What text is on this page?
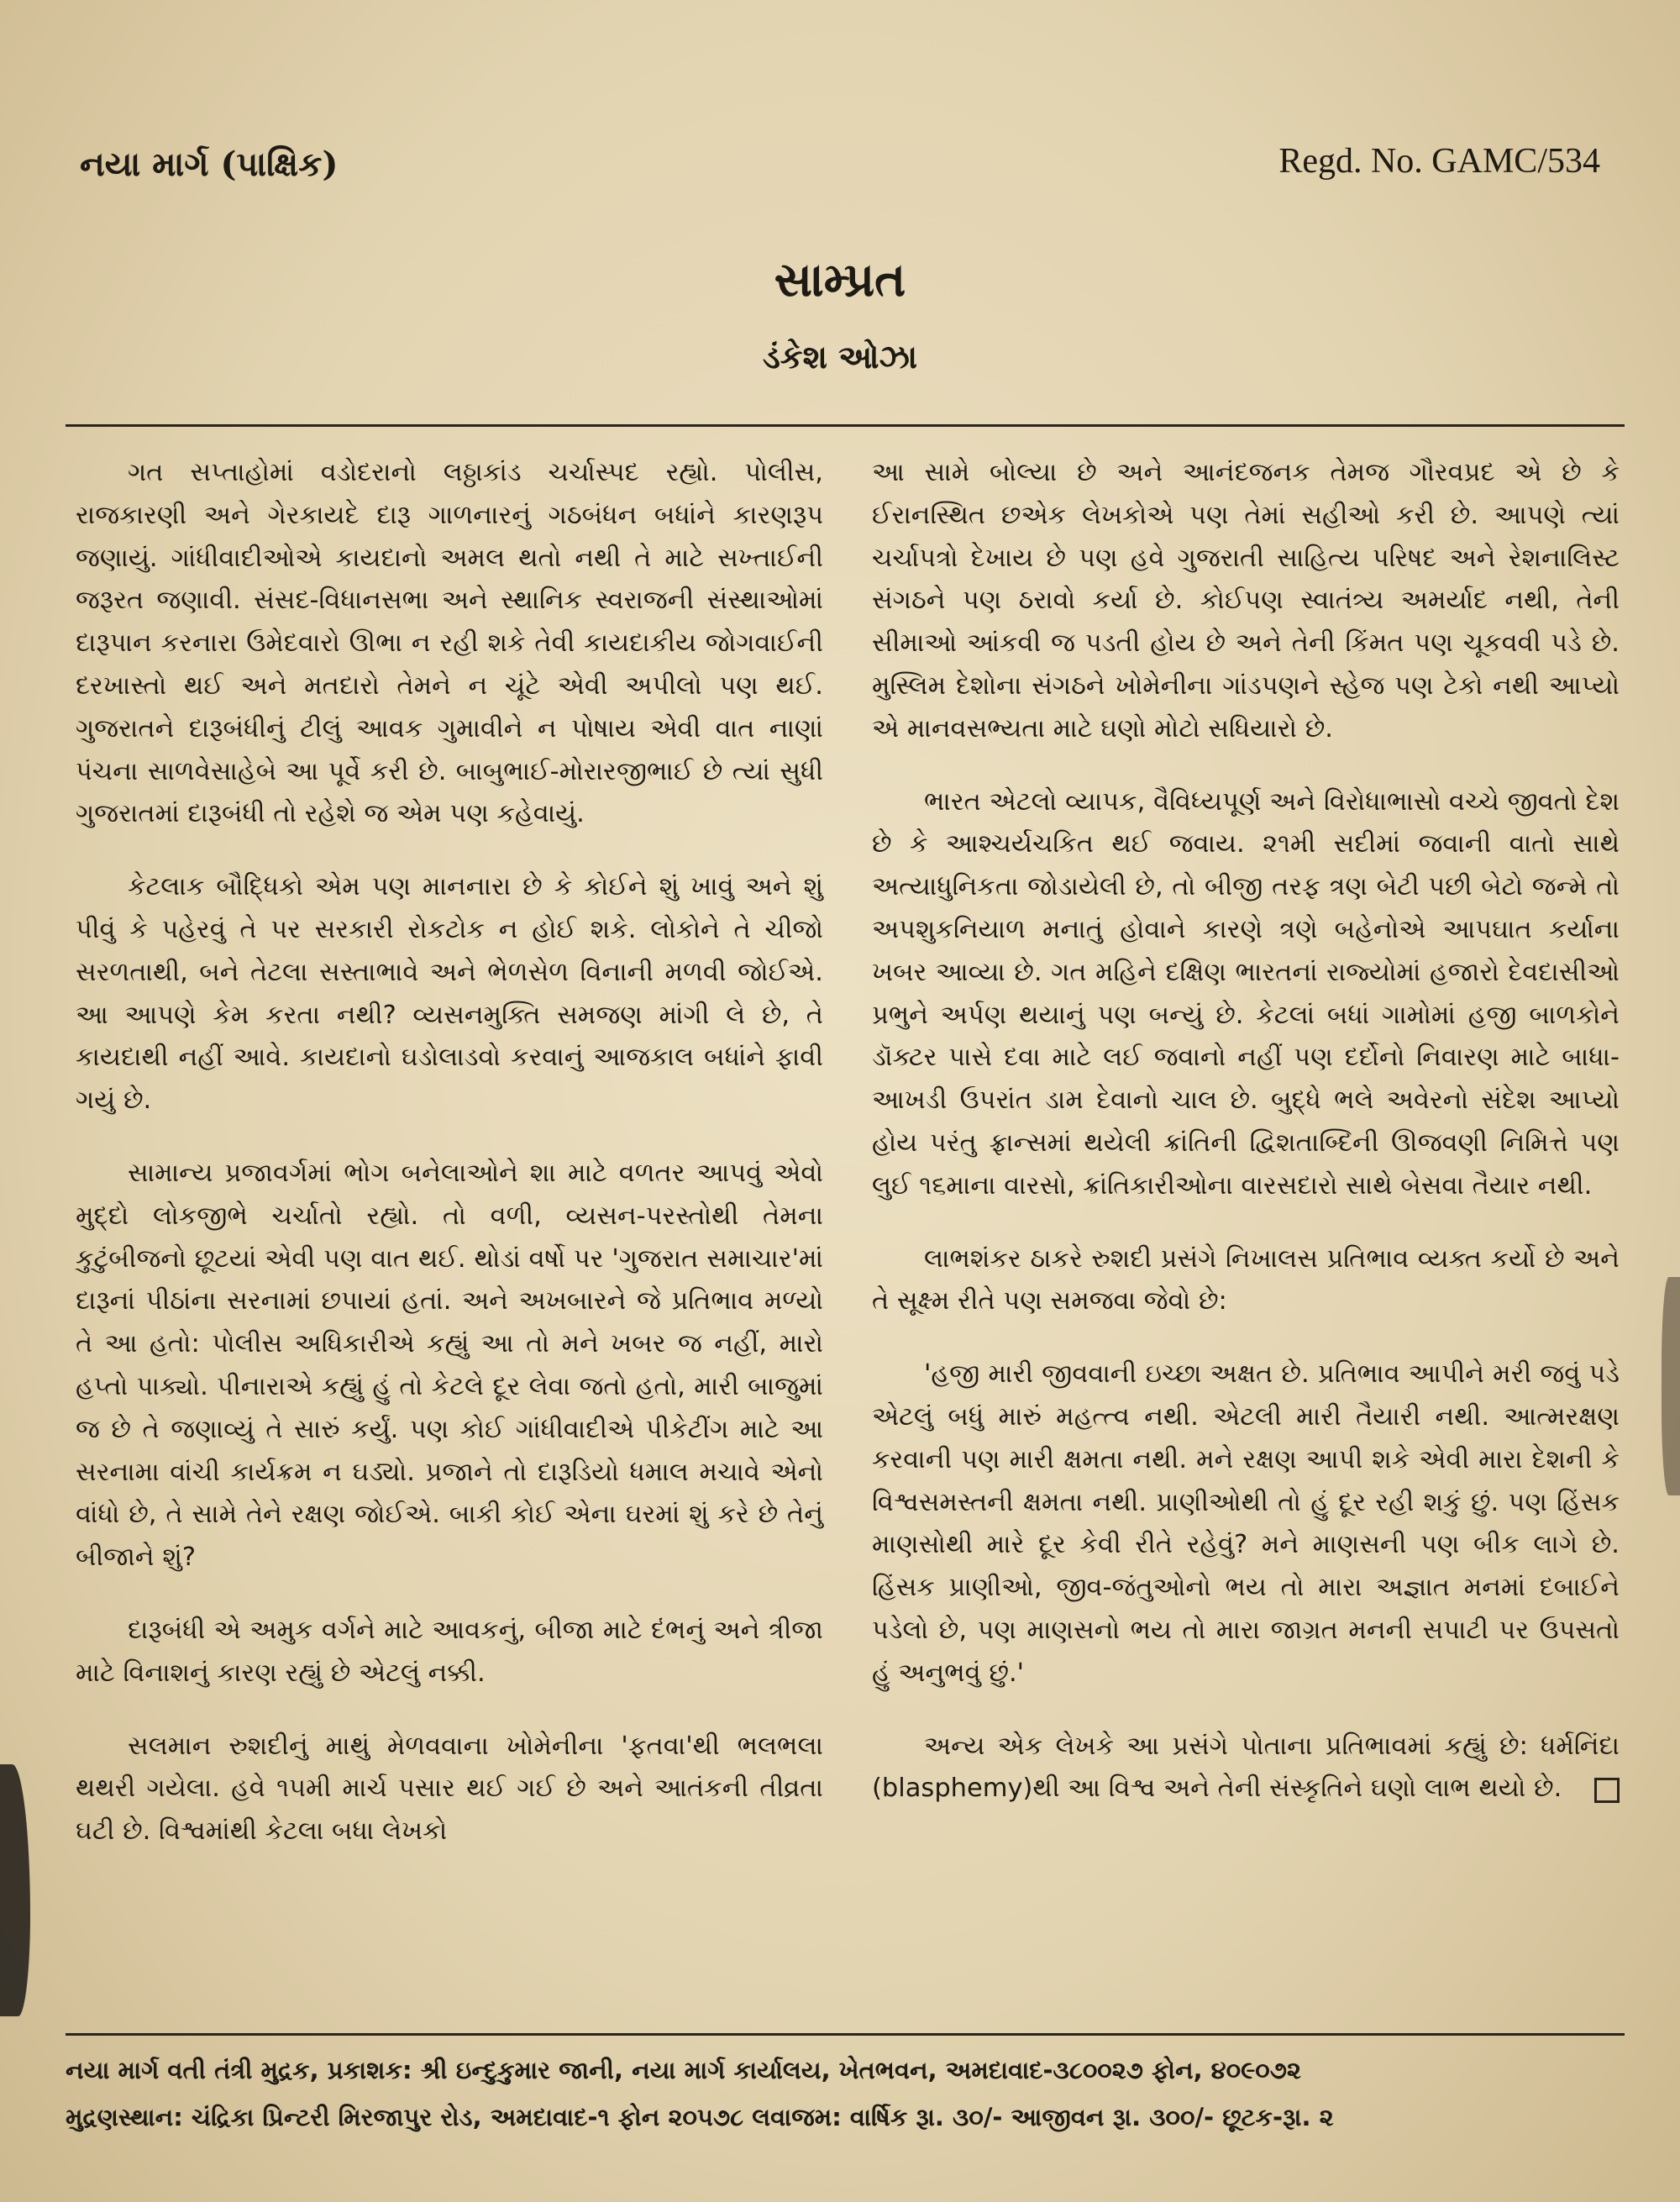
નયા માર્ગ (પાક્ષિક)	Regd. No. GAMC/534
સામ્પ્રત
ડંકેશ ઓઝા

ગત સપ્તાહોમાં વડોદરાનો લઠ્ઠાકાંડ ચર્ચાસ્પદ રહ્યો. પોલીસ, રાજકારણી અને ગેરકાયદે દારૂ ગાળનારનું ગઠબંધન બધાંને કારણરૂપ જણાયું. ગાંધીવાદીઓએ કાયદાનો અમલ થતો નથી તે માટે સખ્તાઈની જરૂરત જણાવી. સંસદ-વિધાનસભા અને સ્થાનિક સ્વરાજની સંસ્થાઓમાં દારૂપાન કરનારા ઉમેદવારો ઊભા ન રહી શકે તેવી કાયદાકીય જોગવાઈની દરખાસ્તો થઈ અને મતદારો તેમને ન ચૂંટે એવી અપીલો પણ થઈ. ગુજરાતને દારૂબંધીનું ટીલું આવક ગુમાવીને ન પોષાય એવી વાત નાણાં પંચના સાળવેસાહેબે આ પૂર્વે કરી છે. બાબુભાઈ-મોરારજીભાઈ છે ત્યાં સુધી ગુજરાતમાં દારૂબંધી તો રહેશે જ એમ પણ કહેવાયું.

કેટલાક બૌદ્ધિકો એમ પણ માનનારા છે કે કોઈને શું ખાવું અને શું પીવું કે પહેરવું તે પર સરકારી રોકટોક ન હોઈ શકે. લોકોને તે ચીજો સરળતાથી, બને તેટલા સસ્તાભાવે અને ભેળસેળ વિનાની મળવી જોઈએ. આ આપણે કેમ કરતા નથી? વ્યસનમુક્તિ સમજણ માંગી લે છે, તે કાયદાથી નહીં આવે. કાયદાનો ઘડોલાડવો કરવાનું આજકાલ બધાંને ફાવી ગયું છે.

સામાન્ય પ્રજાવર્ગમાં ભોગ બનેલાઓને શા માટે વળતર આપવું એવો મુદ્દો લોકજીભે ચર્ચાતો રહ્યો. તો વળી, વ્યસન-પરસ્તોથી તેમના કુટુંબીજનો છૂટયાં એવી પણ વાત થઈ. થોડાં વર્ષો પર 'ગુજરાત સમાચાર'માં દારૂનાં પીઠાંના સરનામાં છપાયાં હતાં. અને અખબારને જે પ્રતિભાવ મળ્યો તે આ હતો: પોલીસ અધિકારીએ કહ્યું આ તો મને ખબર જ નહીં, મારો હપ્તો પાક્યો. પીનારાએ કહ્યું હું તો કેટલે દૂર લેવા જતો હતો, મારી બાજુમાં જ છે તે જણાવ્યું તે સારું કર્યું. પણ કોઈ ગાંધીવાદીએ પીકેટીંગ માટે આ સરનામા વાંચી કાર્યક્રમ ન ઘડ્યો. પ્રજાને તો દારૂડિયો ધમાલ મચાવે એનો વાંધો છે, તે સામે તેને રક્ષણ જોઈએ. બાકી કોઈ એના ઘરમાં શું કરે છે તેનું બીજાને શું?

દારૂબંધી એ અમુક વર્ગને માટે આવકનું, બીજા માટે દંભનું અને ત્રીજા માટે વિનાશનું કારણ રહ્યું છે એટલું નક્કી.

સલમાન રુશદીનું માથું મેળવવાના ખોમેનીના 'ફતવા'થી ભલભલા થથરી ગયેલા. હવે ૧૫મી માર્ચ પસાર થઈ ગઈ છે અને આતંકની તીવ્રતા ઘટી છે. વિશ્વમાંથી કેટલા બધા લેખકો

આ સામે બોલ્યા છે અને આનંદજનક તેમજ ગૌરવપ્રદ એ છે કે ઈરાનસ્થિત છએક લેખકોએ પણ તેમાં સહીઓ કરી છે. આપણે ત્યાં ચર્ચાપત્રો દેખાય છે પણ હવે ગુજરાતી સાહિત્ય પરિષદ અને રેશનાલિસ્ટ સંગઠને પણ ઠરાવો કર્યા છે. કોઈપણ સ્વાતંત્ર્ય અમર્યાદ નથી, તેની સીમાઓ આંકવી જ પડતી હોય છે અને તેની કિંમત પણ ચૂકવવી પડે છે. મુસ્લિમ દેશોના સંગઠને ખોમેનીના ગાંડપણને સ્હેજ પણ ટેકો નથી આપ્યો એ માનવસભ્યતા માટે ઘણો મોટો સધિયારો છે.

ભારત એટલો વ્યાપક, વૈવિધ્યપૂર્ણ અને વિરોધાભાસો વચ્ચે જીવતો દેશ છે કે આશ્ચર્યચકિત થઈ જવાય. ૨૧મી સદીમાં જવાની વાતો સાથે અત્યાધુનિકતા જોડાયેલી છે, તો બીજી તરફ ત્રણ બેટી પછી બેટો જન્મે તો અપશુકનિયાળ મનાતું હોવાને કારણે ત્રણે બહેનોએ આપઘાત કર્યાના ખબર આવ્યા છે. ગત મહિને દક્ષિણ ભારતનાં રાજ્યોમાં હજારો દેવદાસીઓ પ્રભુને અર્પણ થયાનું પણ બન્યું છે. કેટલાં બધાં ગામોમાં હજી બાળકોને ડૉક્ટર પાસે દવા માટે લઈ જવાનો નહીં પણ દર્દોનો નિવારણ માટે બાધા-આખડી ઉપરાંત ડામ દેવાનો ચાલ છે. બુદ્ધે ભલે અવેરનો સંદેશ આપ્યો હોય પરંતુ ફ્રાન્સમાં થયેલી ક્રાંતિની દ્વિશતાબ્દિની ઊજવણી નિમિત્તે પણ લુઈ ૧૬માના વારસો, ક્રાંતિકારીઓના વારસદારો સાથે બેસવા તૈયાર નથી.

લાભશંકર ઠાકરે રુશદી પ્રસંગે નિખાલસ પ્રતિભાવ વ્યક્ત કર્યો છે અને તે સૂક્ષ્મ રીતે પણ સમજવા જેવો છે:

'હજી મારી જીવવાની ઇચ્છા અક્ષત છે. પ્રતિભાવ આપીને મરી જવું પડે એટલું બધું મારું મહત્ત્વ નથી. એટલી મારી તૈયારી નથી. આત્મરક્ષણ કરવાની પણ મારી ક્ષમતા નથી. મને રક્ષણ આપી શકે એવી મારા દેશની કે વિશ્વસમસ્તની ક્ષમતા નથી. પ્રાણીઓથી તો હું દૂર રહી શકું છું. પણ હિંસક માણસોથી મારે દૂર કેવી રીતે રહેવું? મને માણસની પણ બીક લાગે છે. હિંસક પ્રાણીઓ, જીવ-જંતુઓનો ભય તો મારા અજ્ઞાત મનમાં દબાઈને પડેલો છે, પણ માણસનો ભય તો મારા જાગ્રત મનની સપાટી પર ઉપસતો હું અનુભવું છું.'

અન્ય એક લેખકે આ પ્રસંગે પોતાના પ્રતિભાવમાં કહ્યું છે: ધર્મનિંદા (blasphemy)થી આ વિશ્વ અને તેની સંસ્કૃતિને ઘણો લાભ થયો છે.

નયા માર્ગ વતી તંત્રી મુદ્રક, પ્રકાશક: શ્રી ઇન્દુકુમાર જાની, નયા માર્ગ કાર્યાલય, ખેતભવન, અમદાવાદ-૩૮૦૦૨૭ ફોન, ૪૦૯૦૭૨
મુદ્રણસ્થાન: ચંદ્રિકા પ્રિન્ટરી મિરજાપુર રોડ, અમદાવાદ-૧ ફોન ૨૦૫૭૮ લવાજમ: વાર્ષિક રૂા. ૩૦/- આજીવન રૂા. ૩૦૦/- છૂટક-રૂા. ૨
